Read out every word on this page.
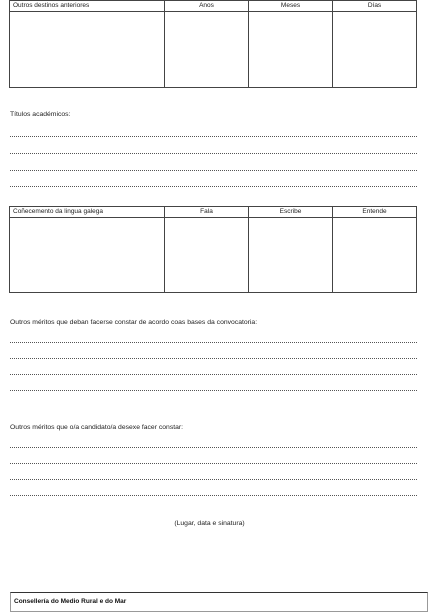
Outros destinos anteriores	Anos	Meses	Días

Títulos académicos:
Coñecemento da lingua galega	Fala	Escribe	Entende

Outros méritos que deban facerse constar de acordo coas bases da convocatoria:
Outros méritos que o/a candidato/a desexe facer constar:
(Lugar, data e sinatura)
Consellería do Medio Rural e do Mar
